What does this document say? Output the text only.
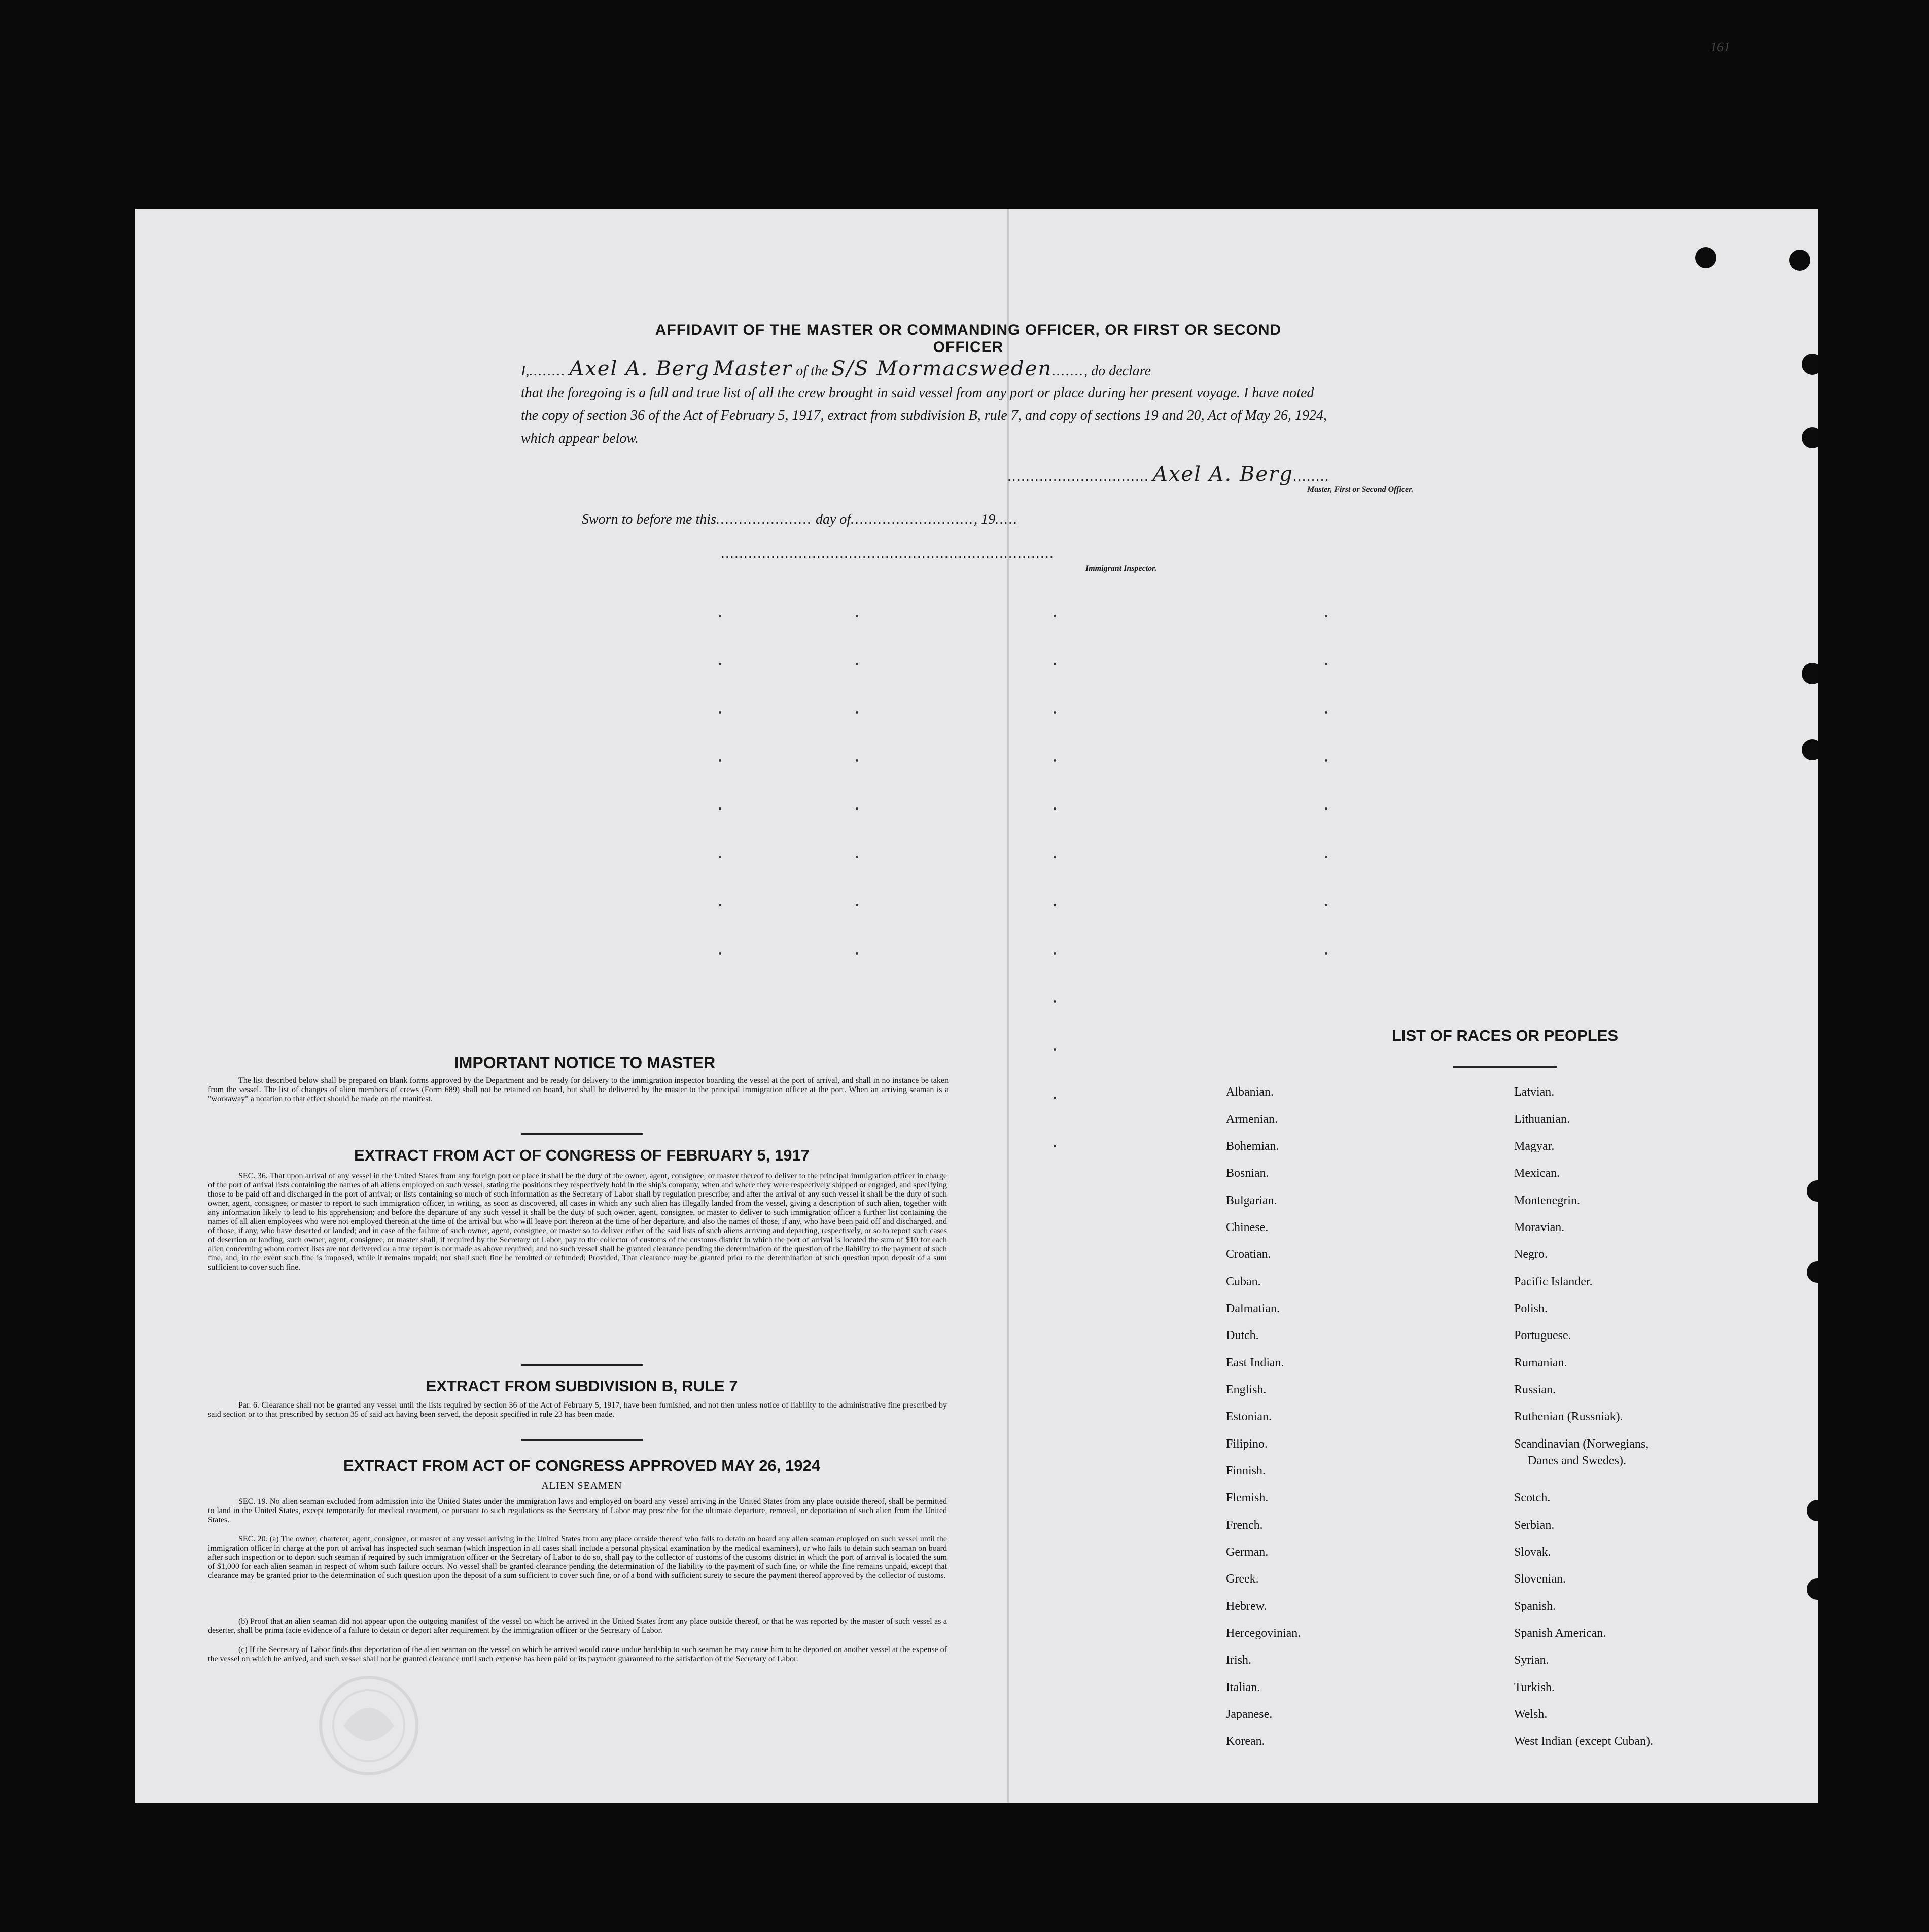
161

AFFIDAVIT OF THE MASTER OR COMMANDING OFFICER, OR FIRST OR SECOND OFFICER
I,........ Axel A. Berg Master of the S/S Mormacsweden......., do declare
that the foregoing is a full and true list of all the crew brought in said vessel from any port or place during her present voyage. I have noted
the copy of section 36 of the Act of February 5, 1917, extract from subdivision B, rule 7, and copy of sections 19 and 20, Act of May 26, 1924,
which appear below.
............................... Axel A. Berg........
Master, First or Second Officer.
Sworn to before me this..................... day of..........................., 19.....
.........................................................................
Immigrant Inspector.
IMPORTANT NOTICE TO MASTER
The list described below shall be prepared on blank forms approved by the Department and be ready for delivery to the immigration inspector boarding the vessel at the port of arrival, and shall in no instance be taken from the vessel. The list of changes of alien members of crews (Form 689) shall not be retained on board, but shall be delivered by the master to the principal immigration officer at the port. When an arriving seaman is a "workaway" a notation to that effect should be made on the manifest.
EXTRACT FROM ACT OF CONGRESS OF FEBRUARY 5, 1917
SEC. 36. That upon arrival of any vessel in the United States from any foreign port or place it shall be the duty of the owner, agent, consignee, or master thereof to deliver to the principal immigration officer in charge of the port of arrival lists containing the names of all aliens employed on such vessel, stating the positions they respectively hold in the ship's company, when and where they were respectively shipped or engaged, and specifying those to be paid off and discharged in the port of arrival; or lists containing so much of such information as the Secretary of Labor shall by regulation prescribe; and after the arrival of any such vessel it shall be the duty of such owner, agent, consignee, or master to report to such immigration officer, in writing, as soon as discovered, all cases in which any such alien has illegally landed from the vessel, giving a description of such alien, together with any information likely to lead to his apprehension; and before the departure of any such vessel it shall be the duty of such owner, agent, consignee, or master to deliver to such immigration officer a further list containing the names of all alien employees who were not employed thereon at the time of the arrival but who will leave port thereon at the time of her departure, and also the names of those, if any, who have been paid off and discharged, and of those, if any, who have deserted or landed; and in case of the failure of such owner, agent, consignee, or master so to deliver either of the said lists of such aliens arriving and departing, respectively, or so to report such cases of desertion or landing, such owner, agent, consignee, or master shall, if required by the Secretary of Labor, pay to the collector of customs of the customs district in which the port of arrival is located the sum of $10 for each alien concerning whom correct lists are not delivered or a true report is not made as above required; and no such vessel shall be granted clearance pending the determination of the question of the liability to the payment of such fine, and, in the event such fine is imposed, while it remains unpaid; nor shall such fine be remitted or refunded; Provided, That clearance may be granted prior to the determination of such question upon deposit of a sum sufficient to cover such fine.
EXTRACT FROM SUBDIVISION B, RULE 7
Par. 6. Clearance shall not be granted any vessel until the lists required by section 36 of the Act of February 5, 1917, have been furnished, and not then unless notice of liability to the administrative fine prescribed by said section or to that prescribed by section 35 of said act having been served, the deposit specified in rule 23 has been made.
EXTRACT FROM ACT OF CONGRESS APPROVED MAY 26, 1924
ALIEN SEAMEN
SEC. 19. No alien seaman excluded from admission into the United States under the immigration laws and employed on board any vessel arriving in the United States from any place outside thereof, shall be permitted to land in the United States, except temporarily for medical treatment, or pursuant to such regulations as the Secretary of Labor may prescribe for the ultimate departure, removal, or deportation of such alien from the United States.
SEC. 20. (a) The owner, charterer, agent, consignee, or master of any vessel arriving in the United States from any place outside thereof who fails to detain on board any alien seaman employed on such vessel until the immigration officer in charge at the port of arrival has inspected such seaman (which inspection in all cases shall include a personal physical examination by the medical examiners), or who fails to detain such seaman on board after such inspection or to deport such seaman if required by such immigration officer or the Secretary of Labor to do so, shall pay to the collector of customs of the customs district in which the port of arrival is located the sum of $1,000 for each alien seaman in respect of whom such failure occurs. No vessel shall be granted clearance pending the determination of the liability to the payment of such fine, or while the fine remains unpaid, except that clearance may be granted prior to the determination of such question upon the deposit of a sum sufficient to cover such fine, or of a bond with sufficient surety to secure the payment thereof approved by the collector of customs.
(b) Proof that an alien seaman did not appear upon the outgoing manifest of the vessel on which he arrived in the United States from any place outside thereof, or that he was reported by the master of such vessel as a deserter, shall be prima facie evidence of a failure to detain or deport after requirement by the immigration officer or the Secretary of Labor.
(c) If the Secretary of Labor finds that deportation of the alien seaman on the vessel on which he arrived would cause undue hardship to such seaman he may cause him to be deported on another vessel at the expense of the vessel on which he arrived, and such vessel shall not be granted clearance until such expense has been paid or its payment guaranteed to the satisfaction of the Secretary of Labor.
LIST OF RACES OR PEOPLES
Albanian.
Armenian.
Bohemian.
Bosnian.
Bulgarian.
Chinese.
Croatian.
Cuban.
Dalmatian.
Dutch.
East Indian.
English.
Estonian.
Filipino.
Finnish.
Flemish.
French.
German.
Greek.
Hebrew.
Hercegovinian.
Irish.
Italian.
Japanese.
Korean.
Latvian.
Lithuanian.
Magyar.
Mexican.
Montenegrin.
Moravian.
Negro.
Pacific Islander.
Polish.
Portuguese.
Rumanian.
Russian.
Ruthenian (Russniak).
Scandinavian (Norwegians,
Danes and Swedes).
Scotch.
Serbian.
Slovak.
Slovenian.
Spanish.
Spanish American.
Syrian.
Turkish.
Welsh.
West Indian (except Cuban).
